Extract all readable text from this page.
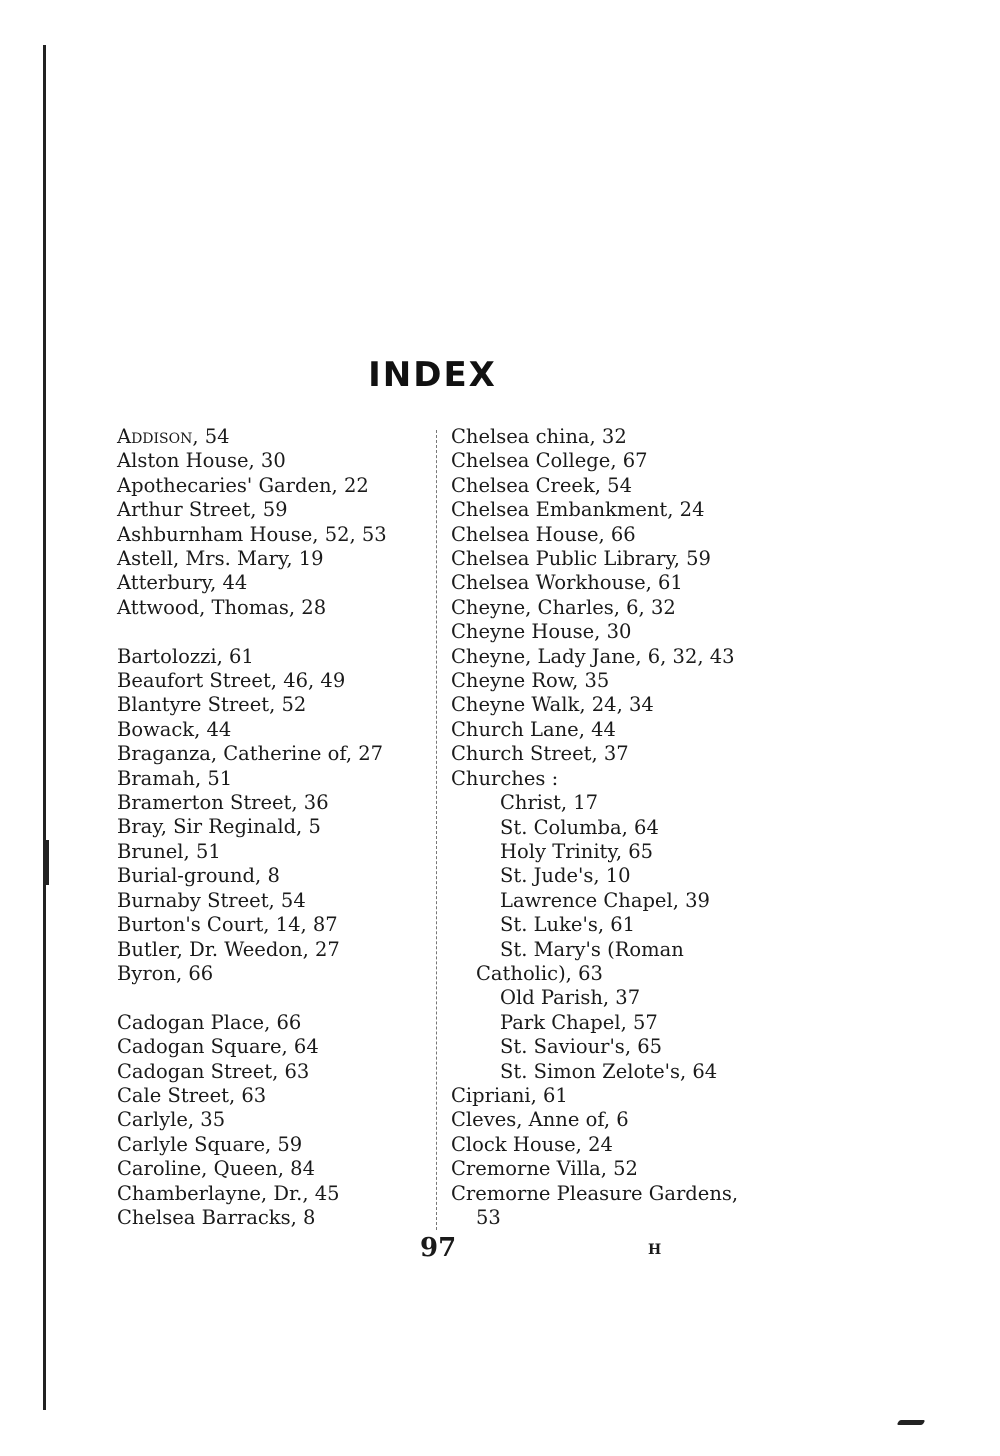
INDEX
Addison, 54
Alston House, 30
Apothecaries' Garden, 22
Arthur Street, 59
Ashburnham House, 52, 53
Astell, Mrs. Mary, 19
Atterbury, 44
Attwood, Thomas, 28
Bartolozzi, 61
Beaufort Street, 46, 49
Blantyre Street, 52
Bowack, 44
Braganza, Catherine of, 27
Bramah, 51
Bramerton Street, 36
Bray, Sir Reginald, 5
Brunel, 51
Burial-ground, 8
Burnaby Street, 54
Burton's Court, 14, 87
Butler, Dr. Weedon, 27
Byron, 66
Cadogan Place, 66
Cadogan Square, 64
Cadogan Street, 63
Cale Street, 63
Carlyle, 35
Carlyle Square, 59
Caroline, Queen, 84
Chamberlayne, Dr., 45
Chelsea Barracks, 8
Chelsea china, 32
Chelsea College, 67
Chelsea Creek, 54
Chelsea Embankment, 24
Chelsea House, 66
Chelsea Public Library, 59
Chelsea Workhouse, 61
Cheyne, Charles, 6, 32
Cheyne House, 30
Cheyne, Lady Jane, 6, 32, 43
Cheyne Row, 35
Cheyne Walk, 24, 34
Church Lane, 44
Church Street, 37
Churches :
Christ, 17
St. Columba, 64
Holy Trinity, 65
St. Jude's, 10
Lawrence Chapel, 39
St. Luke's, 61
St. Mary's (Roman
Catholic), 63
Old Parish, 37
Park Chapel, 57
St. Saviour's, 65
St. Simon Zelote's, 64
Cipriani, 61
Cleves, Anne of, 6
Clock House, 24
Cremorne Villa, 52
Cremorne Pleasure Gardens,
53
97	H
